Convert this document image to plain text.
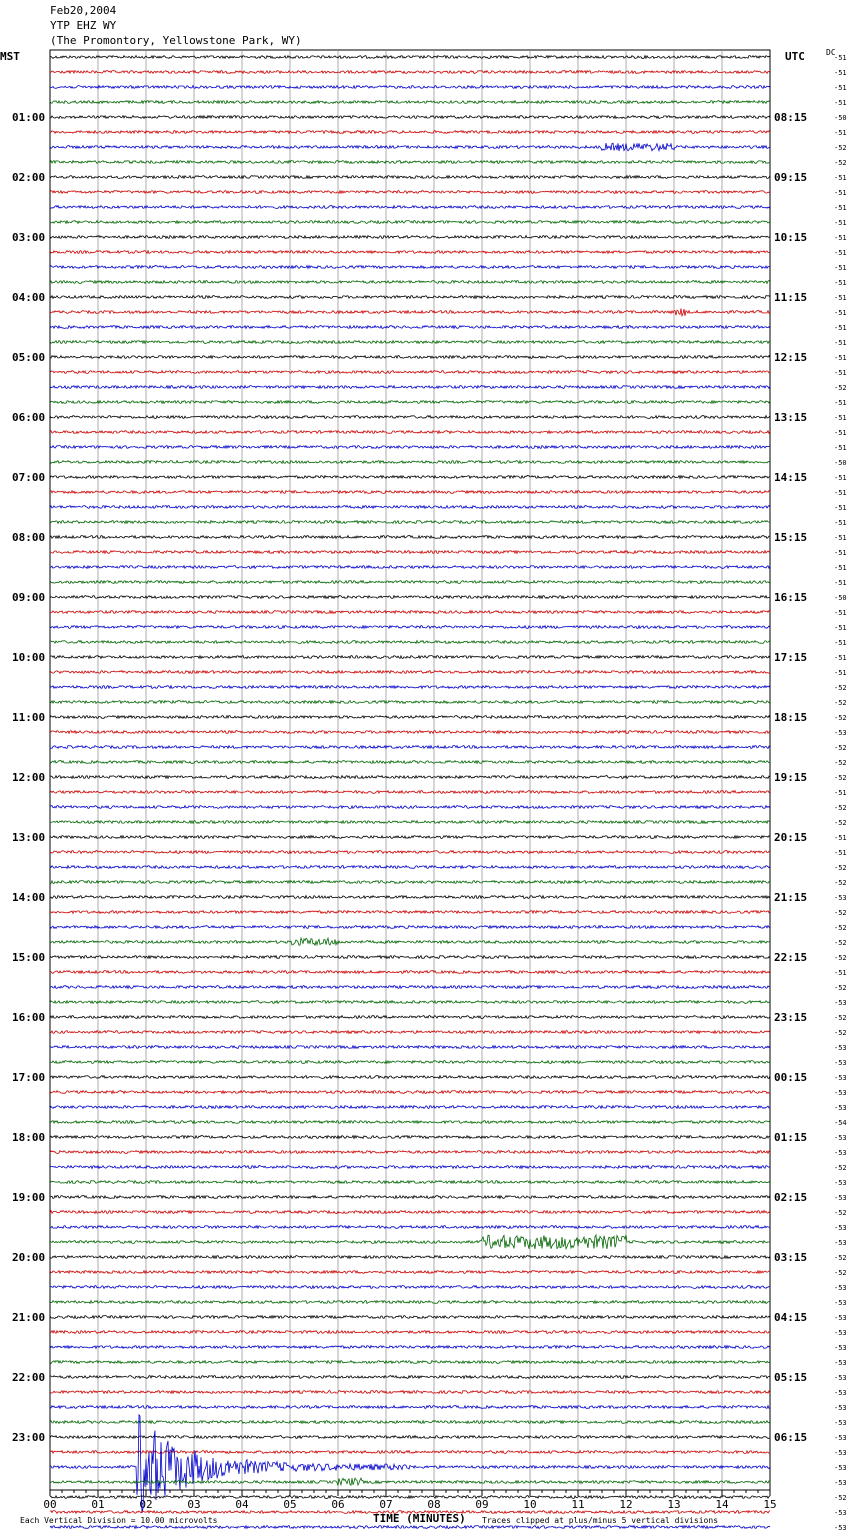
Feb20,2004
YTP EHZ WY
(The Promontory, Yellowstone Park, WY)
MST	UTC	DC
00	01	02	03	04	05	06	07	08	09	10	11	12	13	14	15
-51
-51
-51
-51
-50
-51
-52
-52
-51
-51
-51
-51
-51
-51
-51
-51
-51
-51
-51
-51
-51
-51
-52
-51
-51
-51
-51
-50
-51
-51
-51
-51
-51
-51
-51
-51
-50
-51
-51
-51
-51
-51
-52
-52
-52
-53
-52
-52
-52
-51
-52
-52
-51
-51
-52
-52
-53
-52
-52
-52
-52
-51
-52
-53
-52
-52
-53
-53
-53
-53
-53
-54
-53
-53
-52
-53
-53
-52
-53
-53
-52
-52
-53
-53
-53
-53
-53
-53
-53
-53
-53
-53
-53
-53
-53
-53
-52
-53
-53
01:00
02:00
03:00
04:00
05:00
06:00
07:00
08:00
09:00
10:00
11:00
12:00
13:00
14:00
15:00
16:00
17:00
18:00
19:00
20:00
21:00
22:00
23:00
08:15
09:15
10:15
11:15
12:15
13:15
14:15
15:15
16:15
17:15
18:15
19:15
20:15
21:15
22:15
23:15
00:15
01:15
02:15
03:15
04:15
05:15
06:15
TIME (MINUTES)
Each Vertical Division = 10.00 microvolts	Traces clipped at plus/minus 5 vertical divisions
